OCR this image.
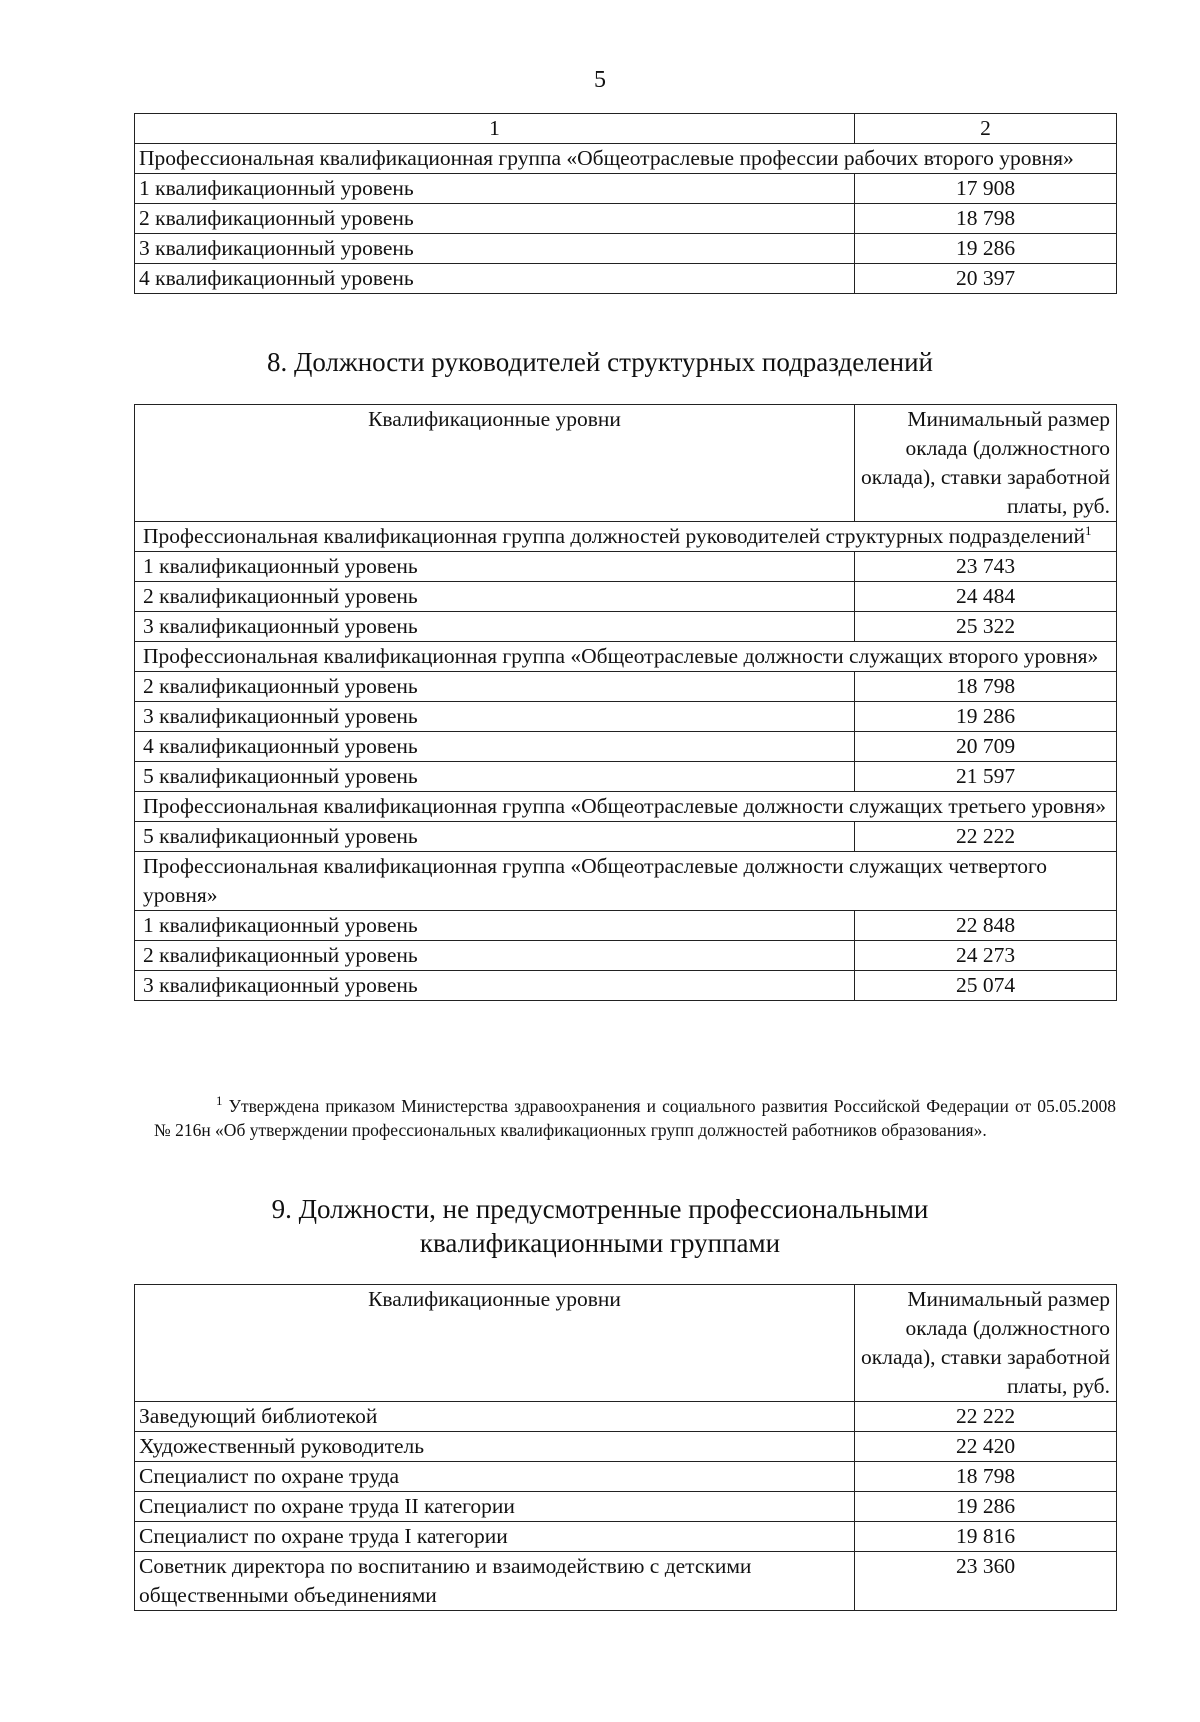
5
1	2
Профессиональная квалификационная группа «Общеотраслевые профессии рабочих второго уровня»	
1 квалификационный уровень	17 908
2 квалификационный уровень	18 798
3 квалификационный уровень	19 286
4 квалификационный уровень	20 397
8. Должности руководителей структурных подразделений
Квалификационные уровни	Минимальный размер оклада (должностного оклада), ставки заработной платы, руб.
Профессиональная квалификационная группа должностей руководителей структурных подразделений$^1$
1 квалификационный уровень	23 743
2 квалификационный уровень	24 484
3 квалификационный уровень	25 322
Профессиональная квалификационная группа «Общеотраслевые должности служащих второго уровня»	
2 квалификационный уровень	18 798
3 квалификационный уровень	19 286
4 квалификационный уровень	20 709
5 квалификационный уровень	21 597
Профессиональная квалификационная группа «Общеотраслевые должности служащих третьего уровня»	
5 квалификационный уровень	22 222
Профессиональная квалификационная группа «Общеотраслевые должности служащих четвертого уровня»	
1 квалификационный уровень	22 848
2 квалификационный уровень	24 273
3 квалификационный уровень	25 074
$^1$ Утверждена приказом Министерства здравоохранения и социального развития Российской Федерации от 05.05.2008 № 216н «Об утверждении профессиональных квалификационных групп должностей работников образования».
9. Должности, не предусмотренные профессиональными
квалификационными группами
Квалификационные уровни	Минимальный размер оклада (должностного оклада), ставки заработной платы, руб.
Заведующий библиотекой	22 222
Художественный руководитель	22 420
Специалист по охране труда	18 798
Специалист по охране труда II категории	19 286
Специалист по охране труда I категории	19 816
Советник директора по воспитанию и взаимодействию с детскими общественными объединениями	23 360
